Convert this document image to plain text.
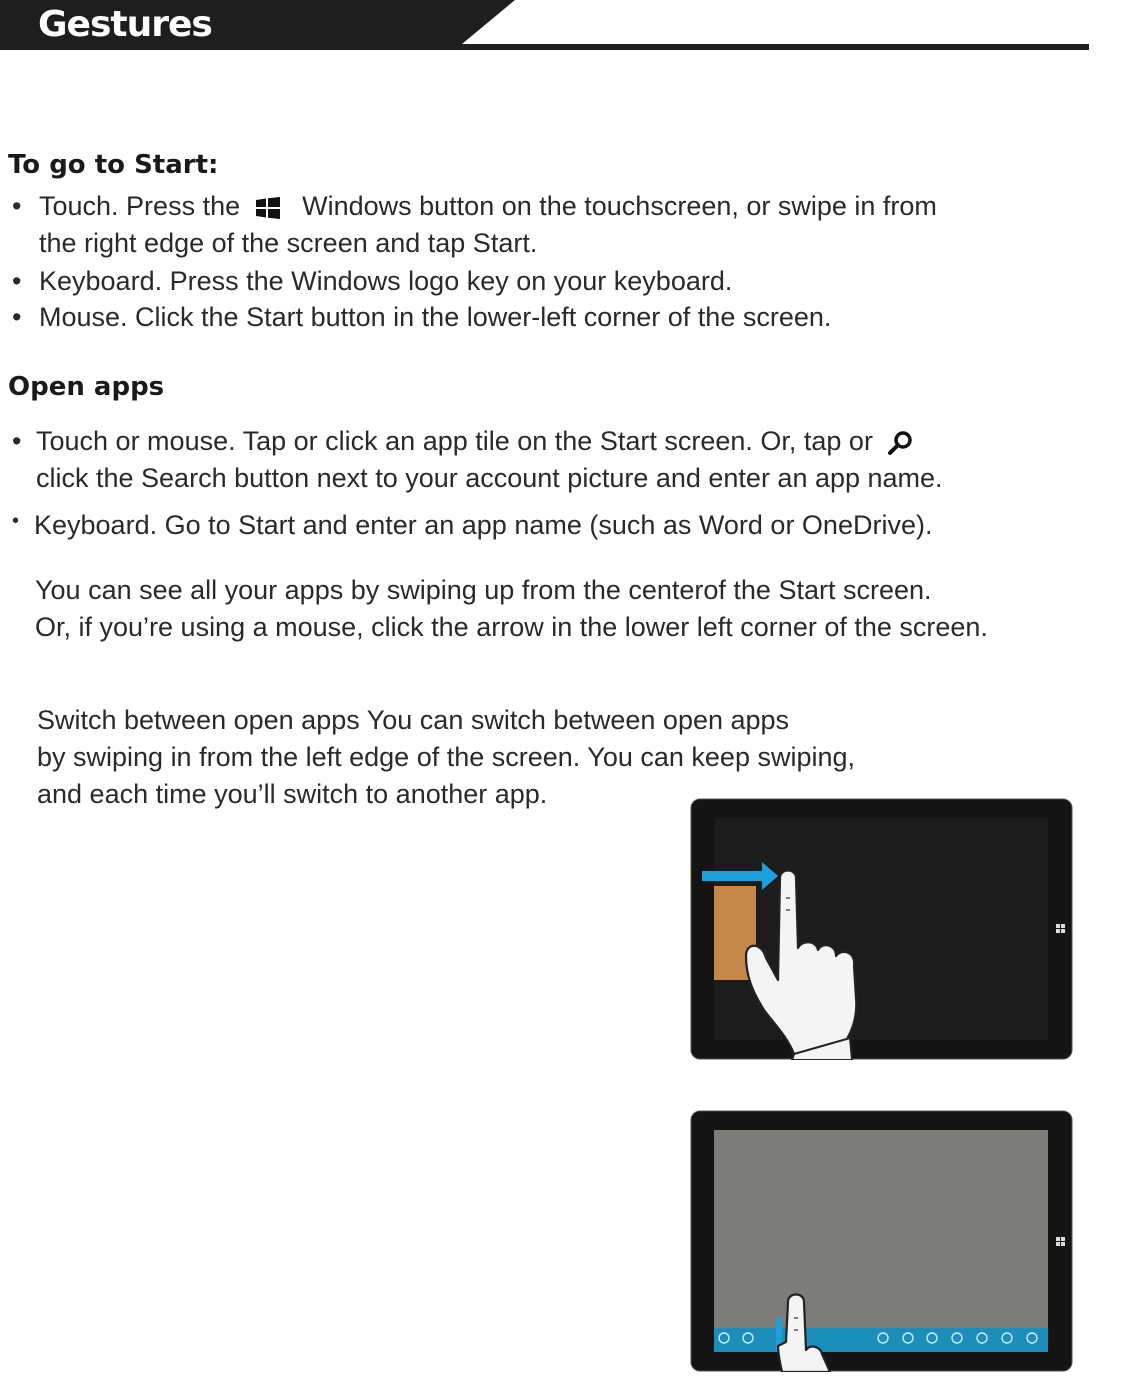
Gestures
To go to Start:
• Touch. Press the Windows button on the touchscreen, or swipe in from
the right edge of the screen and tap Start.
• Keyboard. Press the Windows logo key on your keyboard.
• Mouse. Click the Start button in the lower-left corner of the screen.
Open apps
• Touch or mouse. Tap or click an app tile on the Start screen. Or, tap or
click the Search button next to your account picture and enter an app name.
• Keyboard. Go to Start and enter an app name (such as Word or OneDrive).
You can see all your apps by swiping up from the centerof the Start screen.
Or, if you’re using a mouse, click the arrow in the lower left corner of the screen.
Switch between open apps You can switch between open apps
by swiping in from the left edge of the screen. You can keep swiping,
and each time you’ll switch to another app.
